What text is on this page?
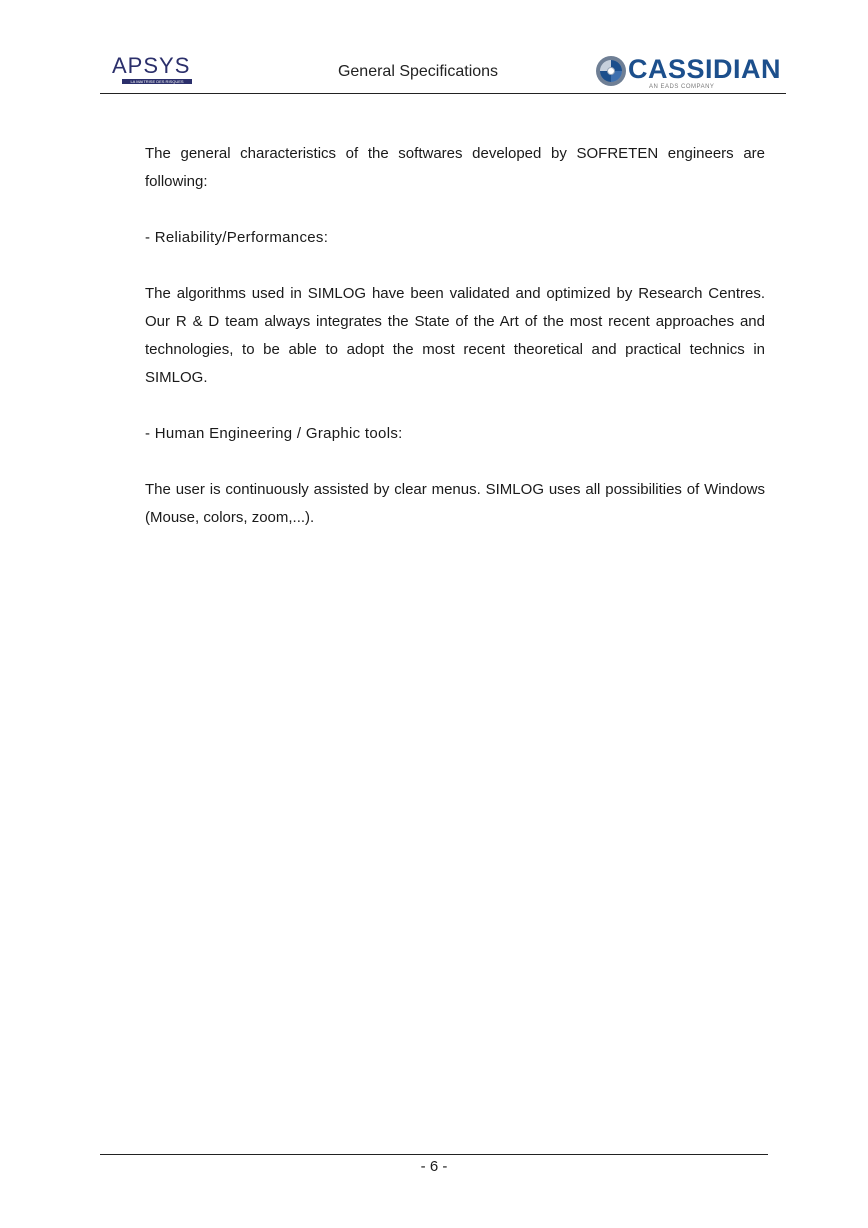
APSYS
LA MAITRISE DES RISQUES
General Specifications	CASSIDIAN
AN EADS COMPANY

The general characteristics of the softwares developed by SOFRETEN engineers are following:

- Reliability/Performances:

The algorithms used in SIMLOG have been validated and optimized by Research Centres. Our R & D team always integrates the State of the Art of the most recent approaches and technologies, to be able to adopt the most recent theoretical and practical technics in SIMLOG.

- Human Engineering / Graphic tools:

The user is continuously assisted by clear menus. SIMLOG uses all possibilities of Windows (Mouse, colors, zoom,...).

- 6 -
